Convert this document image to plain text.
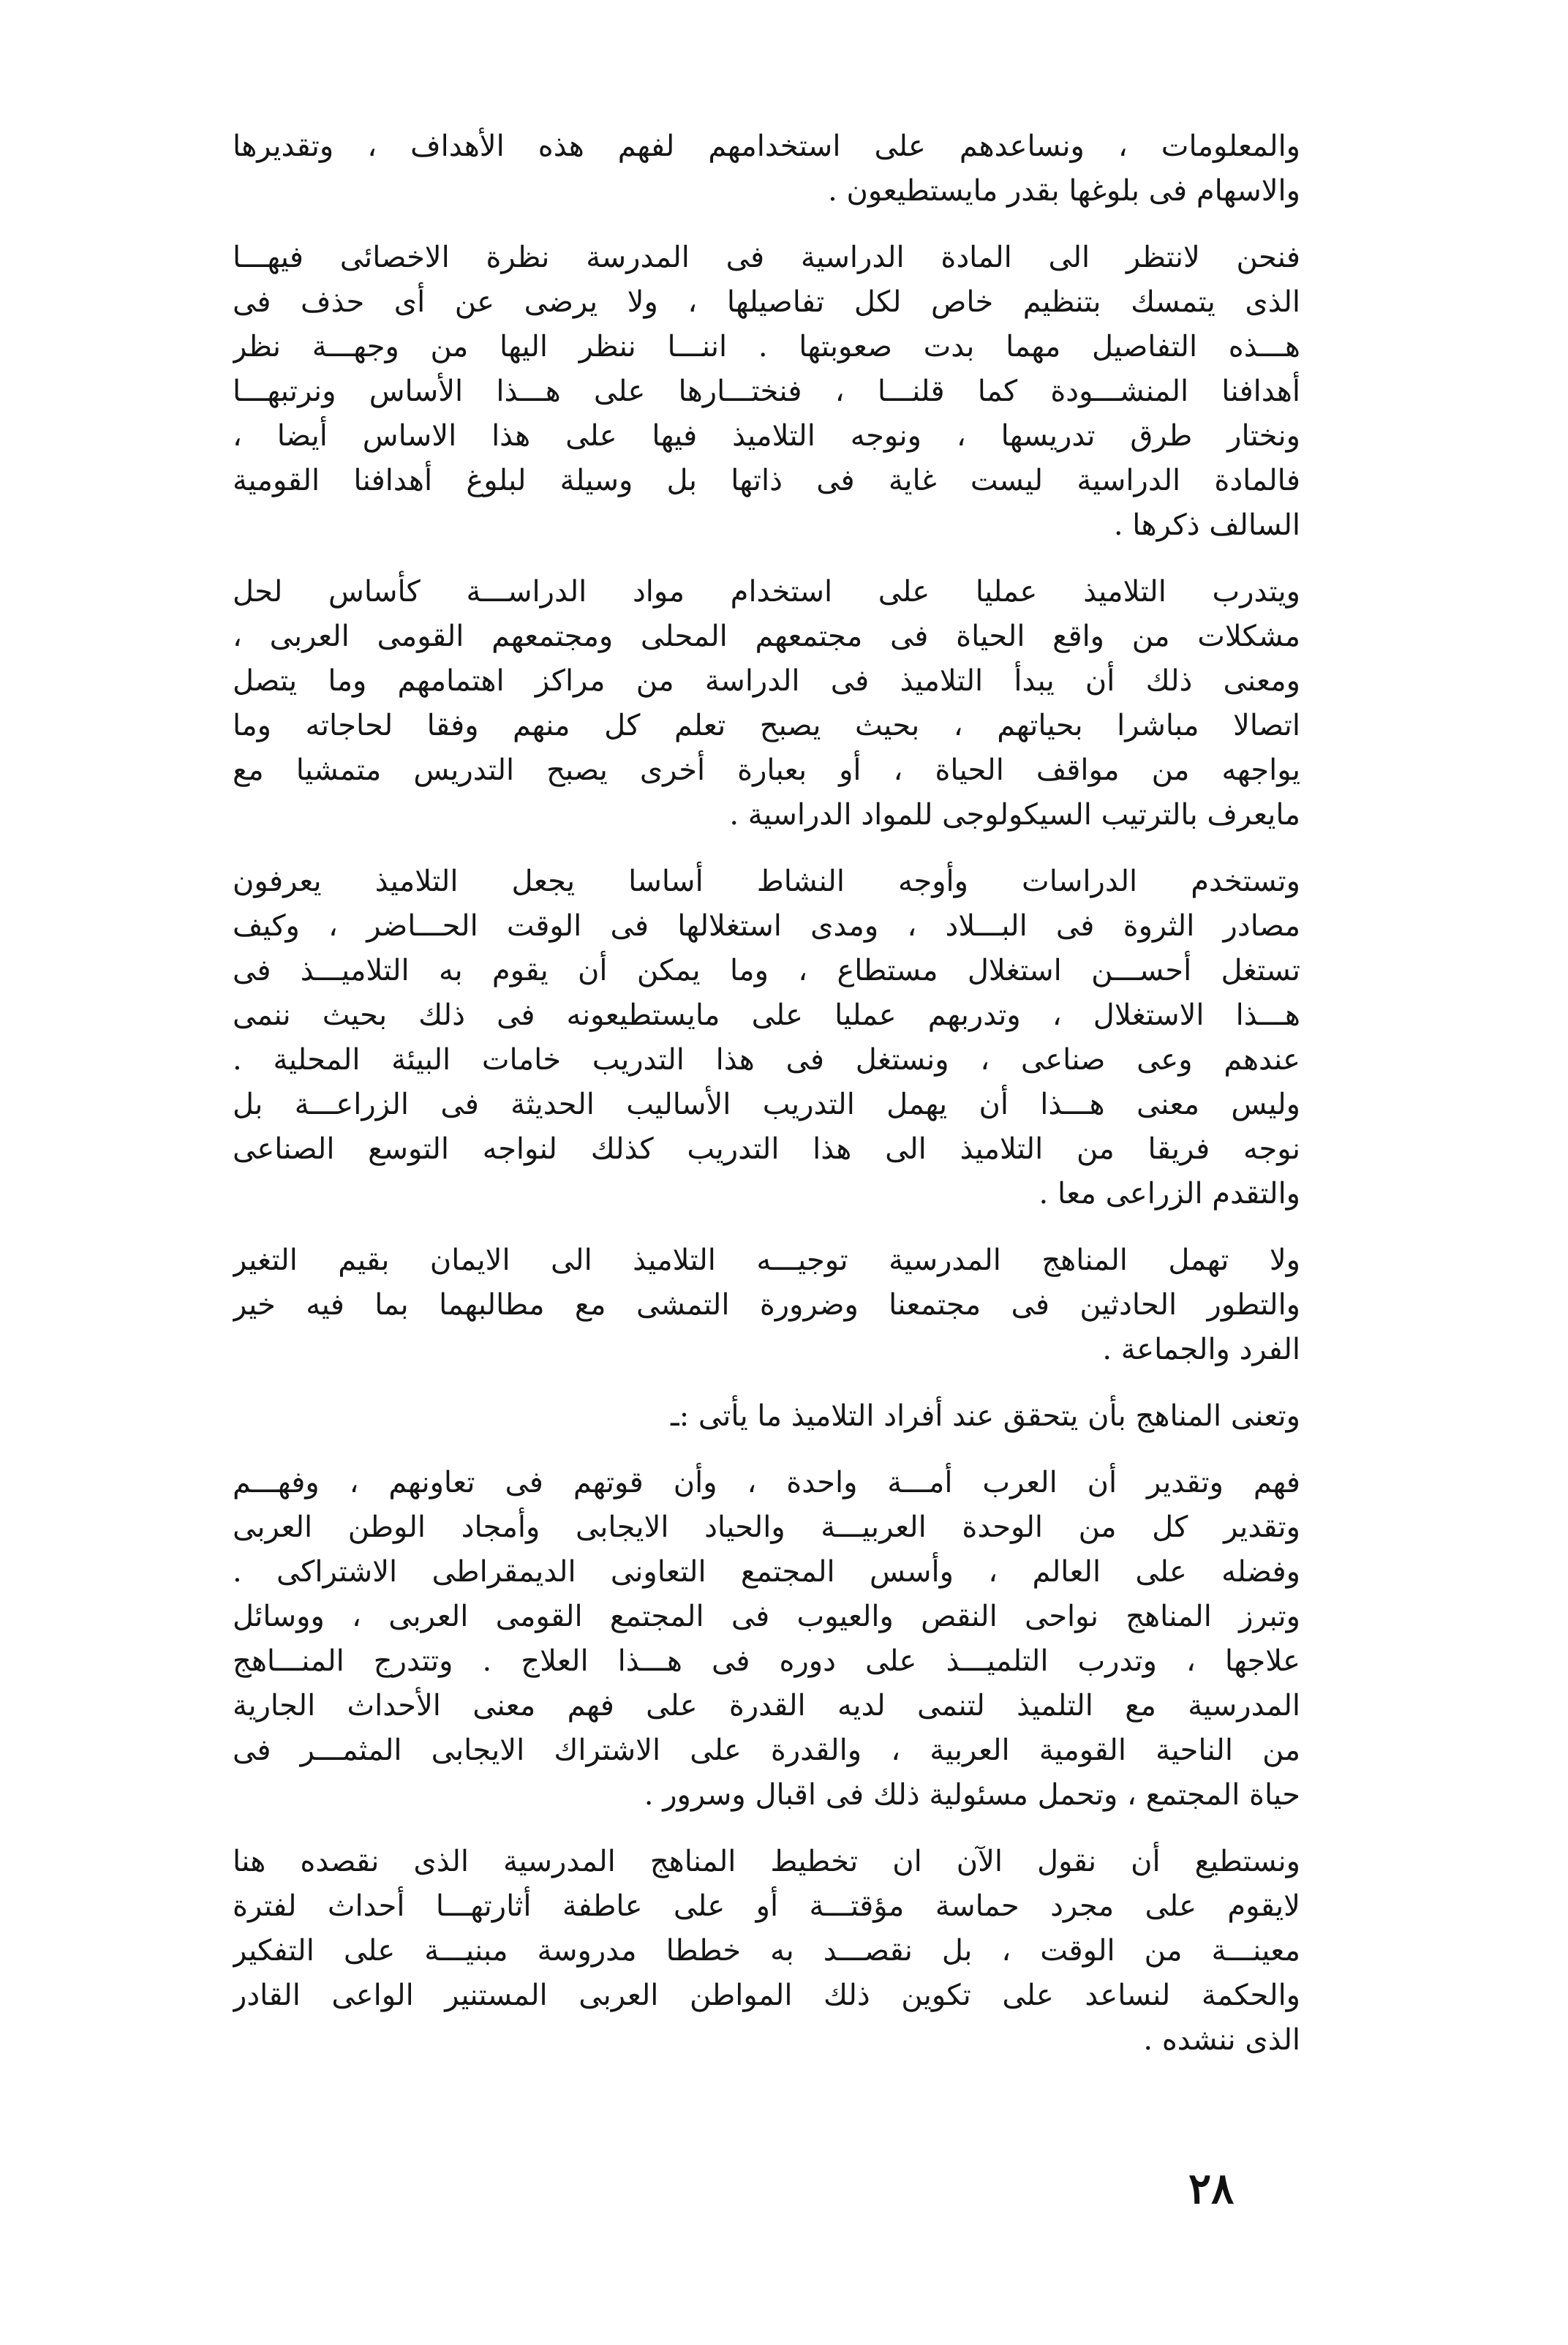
والمعلومات ، ونساعدهم على استخدامهم لفهم هذه الأهداف ، وتقديرها
والاسهام فى بلوغها بقدر مايستطيعون .
فنحن لانتظر الى المادة الدراسية فى المدرسة نظرة الاخصائى فيهـــا
الذى يتمسك بتنظيم خاص لكل تفاصيلها ، ولا يرضى عن أى حذف فى
هـــذه التفاصيل مهما بدت صعوبتها . اننـــا ننظر اليها من وجهـــة نظر
أهدافنا المنشـــودة كما قلنـــا ، فنختـــارها على هـــذا الأساس ونرتبهـــا
ونختار طرق تدريسها ، ونوجه التلاميذ فيها على هذا الاساس أيضا ،
فالمادة الدراسية ليست غاية فى ذاتها بل وسيلة لبلوغ أهدافنا القومية
السالف ذكرها .
ويتدرب التلاميذ عمليا على استخدام مواد الدراســـة كأساس لحل
مشكلات من واقع الحياة فى مجتمعهم المحلى ومجتمعهم القومى العربى ،
ومعنى ذلك أن يبدأ التلاميذ فى الدراسة من مراكز اهتمامهم وما يتصل
اتصالا مباشرا بحياتهم ، بحيث يصبح تعلم كل منهم وفقا لحاجاته وما
يواجهه من مواقف الحياة ، أو بعبارة أخرى يصبح التدريس متمشيا مع
مايعرف بالترتيب السيكولوجى للمواد الدراسية .
وتستخدم الدراسات وأوجه النشاط أساسا يجعل التلاميذ يعرفون
مصادر الثروة فى البـــلاد ، ومدى استغلالها فى الوقت الحـــاضر ، وكيف
تستغل أحســـن استغلال مستطاع ، وما يمكن أن يقوم به التلاميـــذ فى
هـــذا الاستغلال ، وتدربهم عمليا على مايستطيعونه فى ذلك بحيث ننمى
عندهم وعى صناعى ، ونستغل فى هذا التدريب خامات البيئة المحلية .
وليس معنى هـــذا أن يهمل التدريب الأساليب الحديثة فى الزراعـــة بل
نوجه فريقا من التلاميذ الى هذا التدريب كذلك لنواجه التوسع الصناعى
والتقدم الزراعى معا .
ولا تهمل المناهج المدرسية توجيـــه التلاميذ الى الايمان بقيم التغير
والتطور الحادثين فى مجتمعنا وضرورة التمشى مع مطالبهما بما فيه خير
الفرد والجماعة .
وتعنى المناهج بأن يتحقق عند أفراد التلاميذ ما يأتى :ـ
فهم وتقدير أن العرب أمـــة واحدة ، وأن قوتهم فى تعاونهم ، وفهـــم
وتقدير كل من الوحدة العربيـــة والحياد الايجابى وأمجاد الوطن العربى
وفضله على العالم ، وأسس المجتمع التعاونى الديمقراطى الاشتراكى .
وتبرز المناهج نواحى النقص والعيوب فى المجتمع القومى العربى ، ووسائل
علاجها ، وتدرب التلميـــذ على دوره فى هـــذا العلاج . وتتدرج المنـــاهج
المدرسية مع التلميذ لتنمى لديه القدرة على فهم معنى الأحداث الجارية
من الناحية القومية العربية ، والقدرة على الاشتراك الايجابى المثمـــر فى
حياة المجتمع ، وتحمل مسئولية ذلك فى اقبال وسرور .
ونستطيع أن نقول الآن ان تخطيط المناهج المدرسية الذى نقصده هنا
لايقوم على مجرد حماسة مؤقتـــة أو على عاطفة أثارتهـــا أحداث لفترة
معينـــة من الوقت ، بل نقصـــد به خططا مدروسة مبنيـــة على التفكير
والحكمة لنساعد على تكوين ذلك المواطن العربى المستنير الواعى القادر
الذى ننشده .
٢٨
